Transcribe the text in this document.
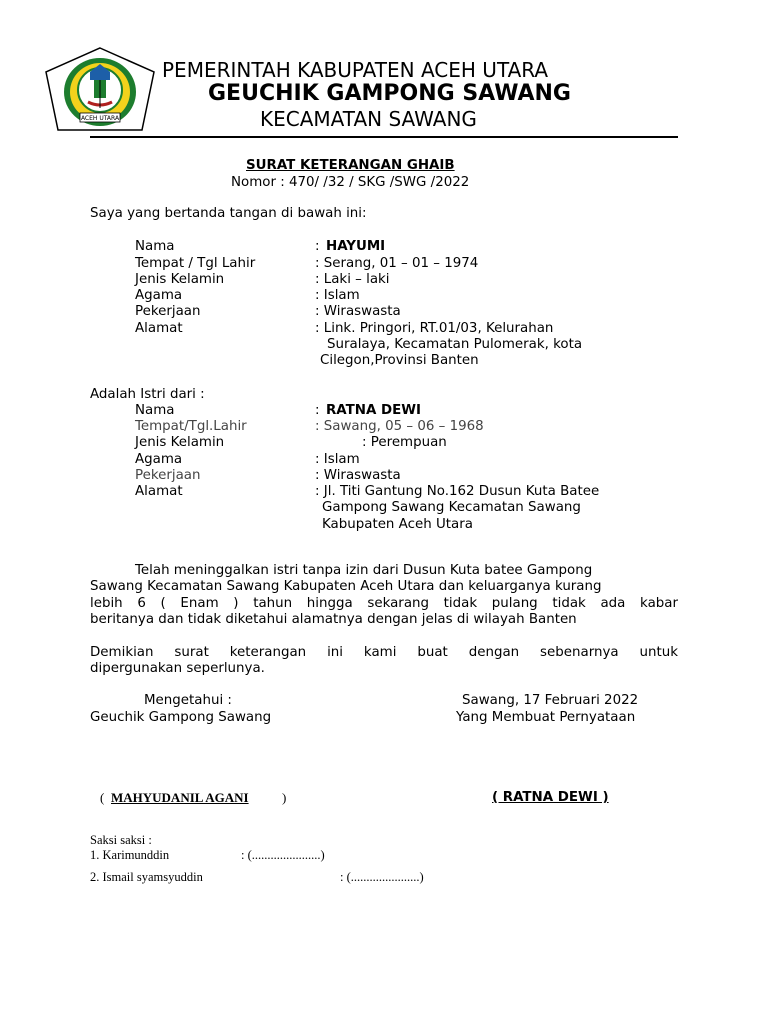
ACEH UTARA
PEMERINTAH KABUPATEN ACEH UTARA
GEUCHIK GAMPONG SAWANG
KECAMATAN SAWANG
SURAT KETERANGAN GHAIB
Nomor : 470/ /32 / SKG /SWG /2022
Saya yang bertanda tangan di bawah ini:
Nama	: HAYUMI
Tempat / Tgl Lahir	: Serang, 01 – 01 – 1974
Jenis Kelamin	: Laki – laki
Agama	: Islam
Pekerjaan	: Wiraswasta
Alamat	: Link. Pringori, RT.01/03, Kelurahan
Suralaya, Kecamatan Pulomerak, kota
Cilegon,Provinsi Banten
Adalah Istri dari :
Nama	: RATNA DEWI
Tempat/Tgl.Lahir	: Sawang, 05 – 06 – 1968
Jenis Kelamin	: Perempuan
Agama	: Islam
Pekerjaan	: Wiraswasta
Alamat	: Jl. Titi Gantung No.162 Dusun Kuta Batee
Gampong Sawang Kecamatan Sawang
Kabupaten Aceh Utara
Telah meninggalkan istri tanpa izin dari Dusun Kuta batee Gampong
Sawang Kecamatan Sawang Kabupaten Aceh Utara dan keluarganya kurang
lebih 6 ( Enam ) tahun hingga sekarang tidak pulang tidak ada kabar
beritanya dan tidak diketahui alamatnya dengan jelas di wilayah Banten
Demikian surat keterangan ini kami buat dengan sebenarnya untuk
dipergunakan seperlunya.
Mengetahui :
Geuchik Gampong Sawang
Sawang, 17 Februari 2022
Yang Membuat Pernyataan
( MAHYUDANIL AGANI	)	( RATNA DEWI )
Saksi saksi :
1. Karimunddin	: (......................)
2. Ismail syamsyuddin	: (......................)
